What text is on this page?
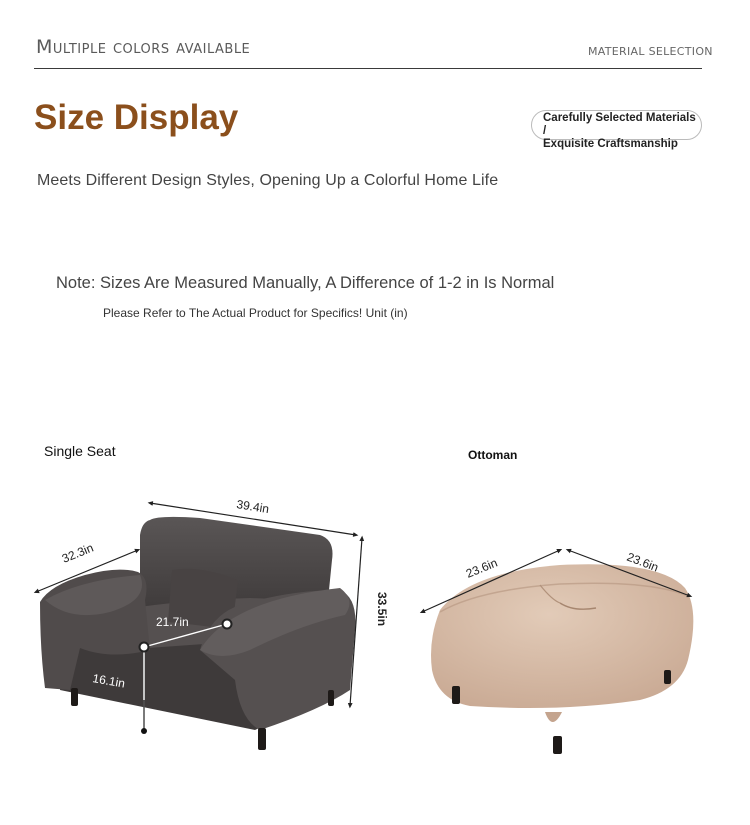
Multiple colors available	MATERIAL SELECTION
Size Display	Carefully Selected Materials /
Exquisite Craftsmanship
Meets Different Design Styles, Opening Up a Colorful Home Life
Note: Sizes Are Measured Manually, A Difference of 1-2 in Is Normal
Please Refer to The Actual Product for Specifics! Unit (in)
Single Seat	Ottoman
39.4in
32.3in
33.5in
21.7in
16.1in
23.6in	23.6in
